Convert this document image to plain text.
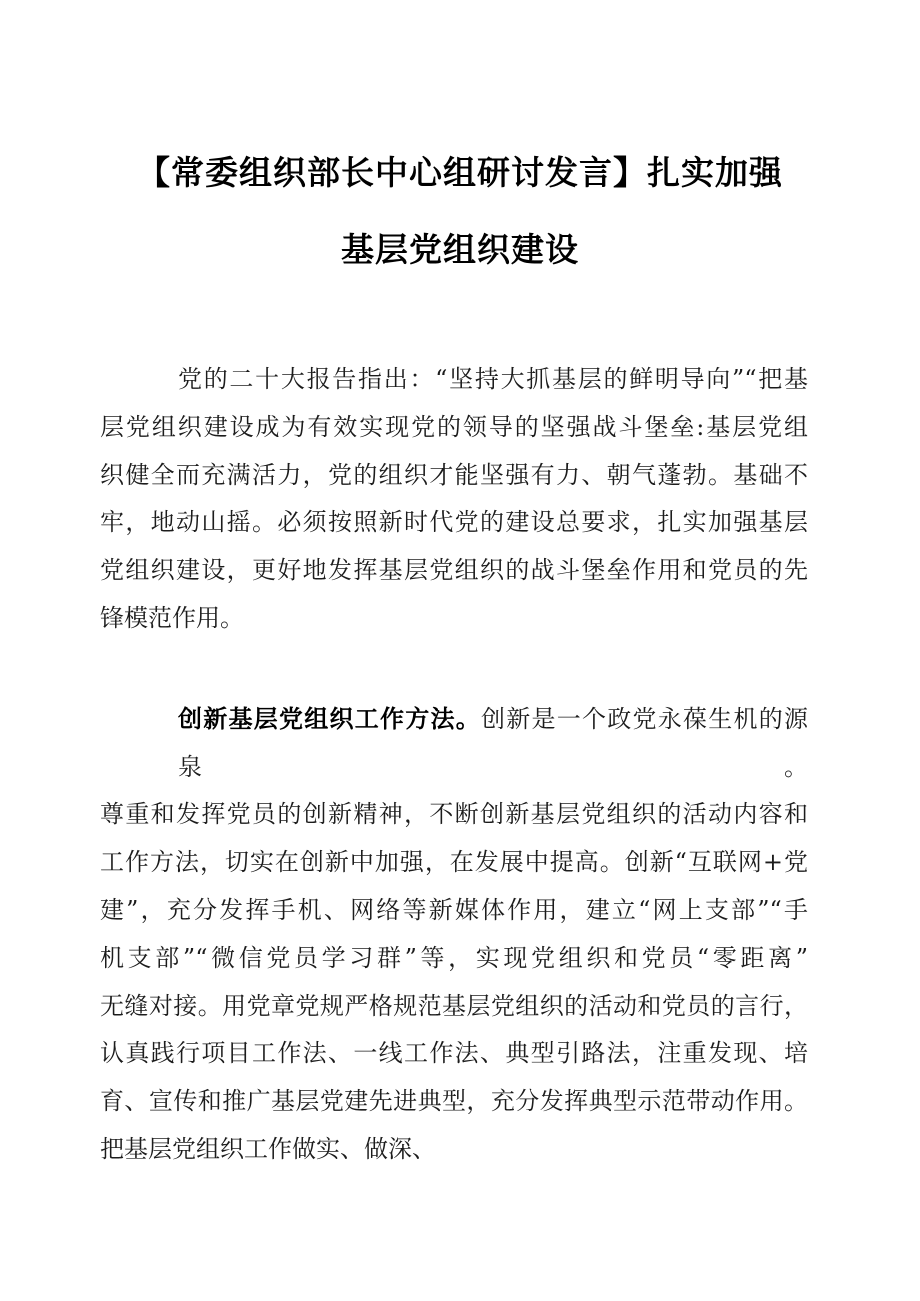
【常委组织部长中心组研讨发言】扎实加强
基层党组织建设
党的二十大报告指出：“坚持大抓基层的鲜明导向”“把基
层党组织建设成为有效实现党的领导的坚强战斗堡垒:基层党组
织健全而充满活力，党的组织才能坚强有力、朝气蓬勃。基础不
牢，地动山摇。必须按照新时代党的建设总要求，扎实加强基层
党组织建设，更好地发挥基层党组织的战斗堡垒作用和党员的先
锋模范作用。
创新基层党组织工作方法。创新是一个政党永葆生机的源泉。
尊重和发挥党员的创新精神，不断创新基层党组织的活动内容和
工作方法，切实在创新中加强，在发展中提高。创新“互联网+党
建”，充分发挥手机、网络等新媒体作用，建立“网上支部”“手
机支部”“微信党员学习群”等，实现党组织和党员“零距离”
无缝对接。用党章党规严格规范基层党组织的活动和党员的言行，
认真践行项目工作法、一线工作法、典型引路法，注重发现、培
育、宣传和推广基层党建先进典型，充分发挥典型示范带动作用。
把基层党组织工作做实、做深、
